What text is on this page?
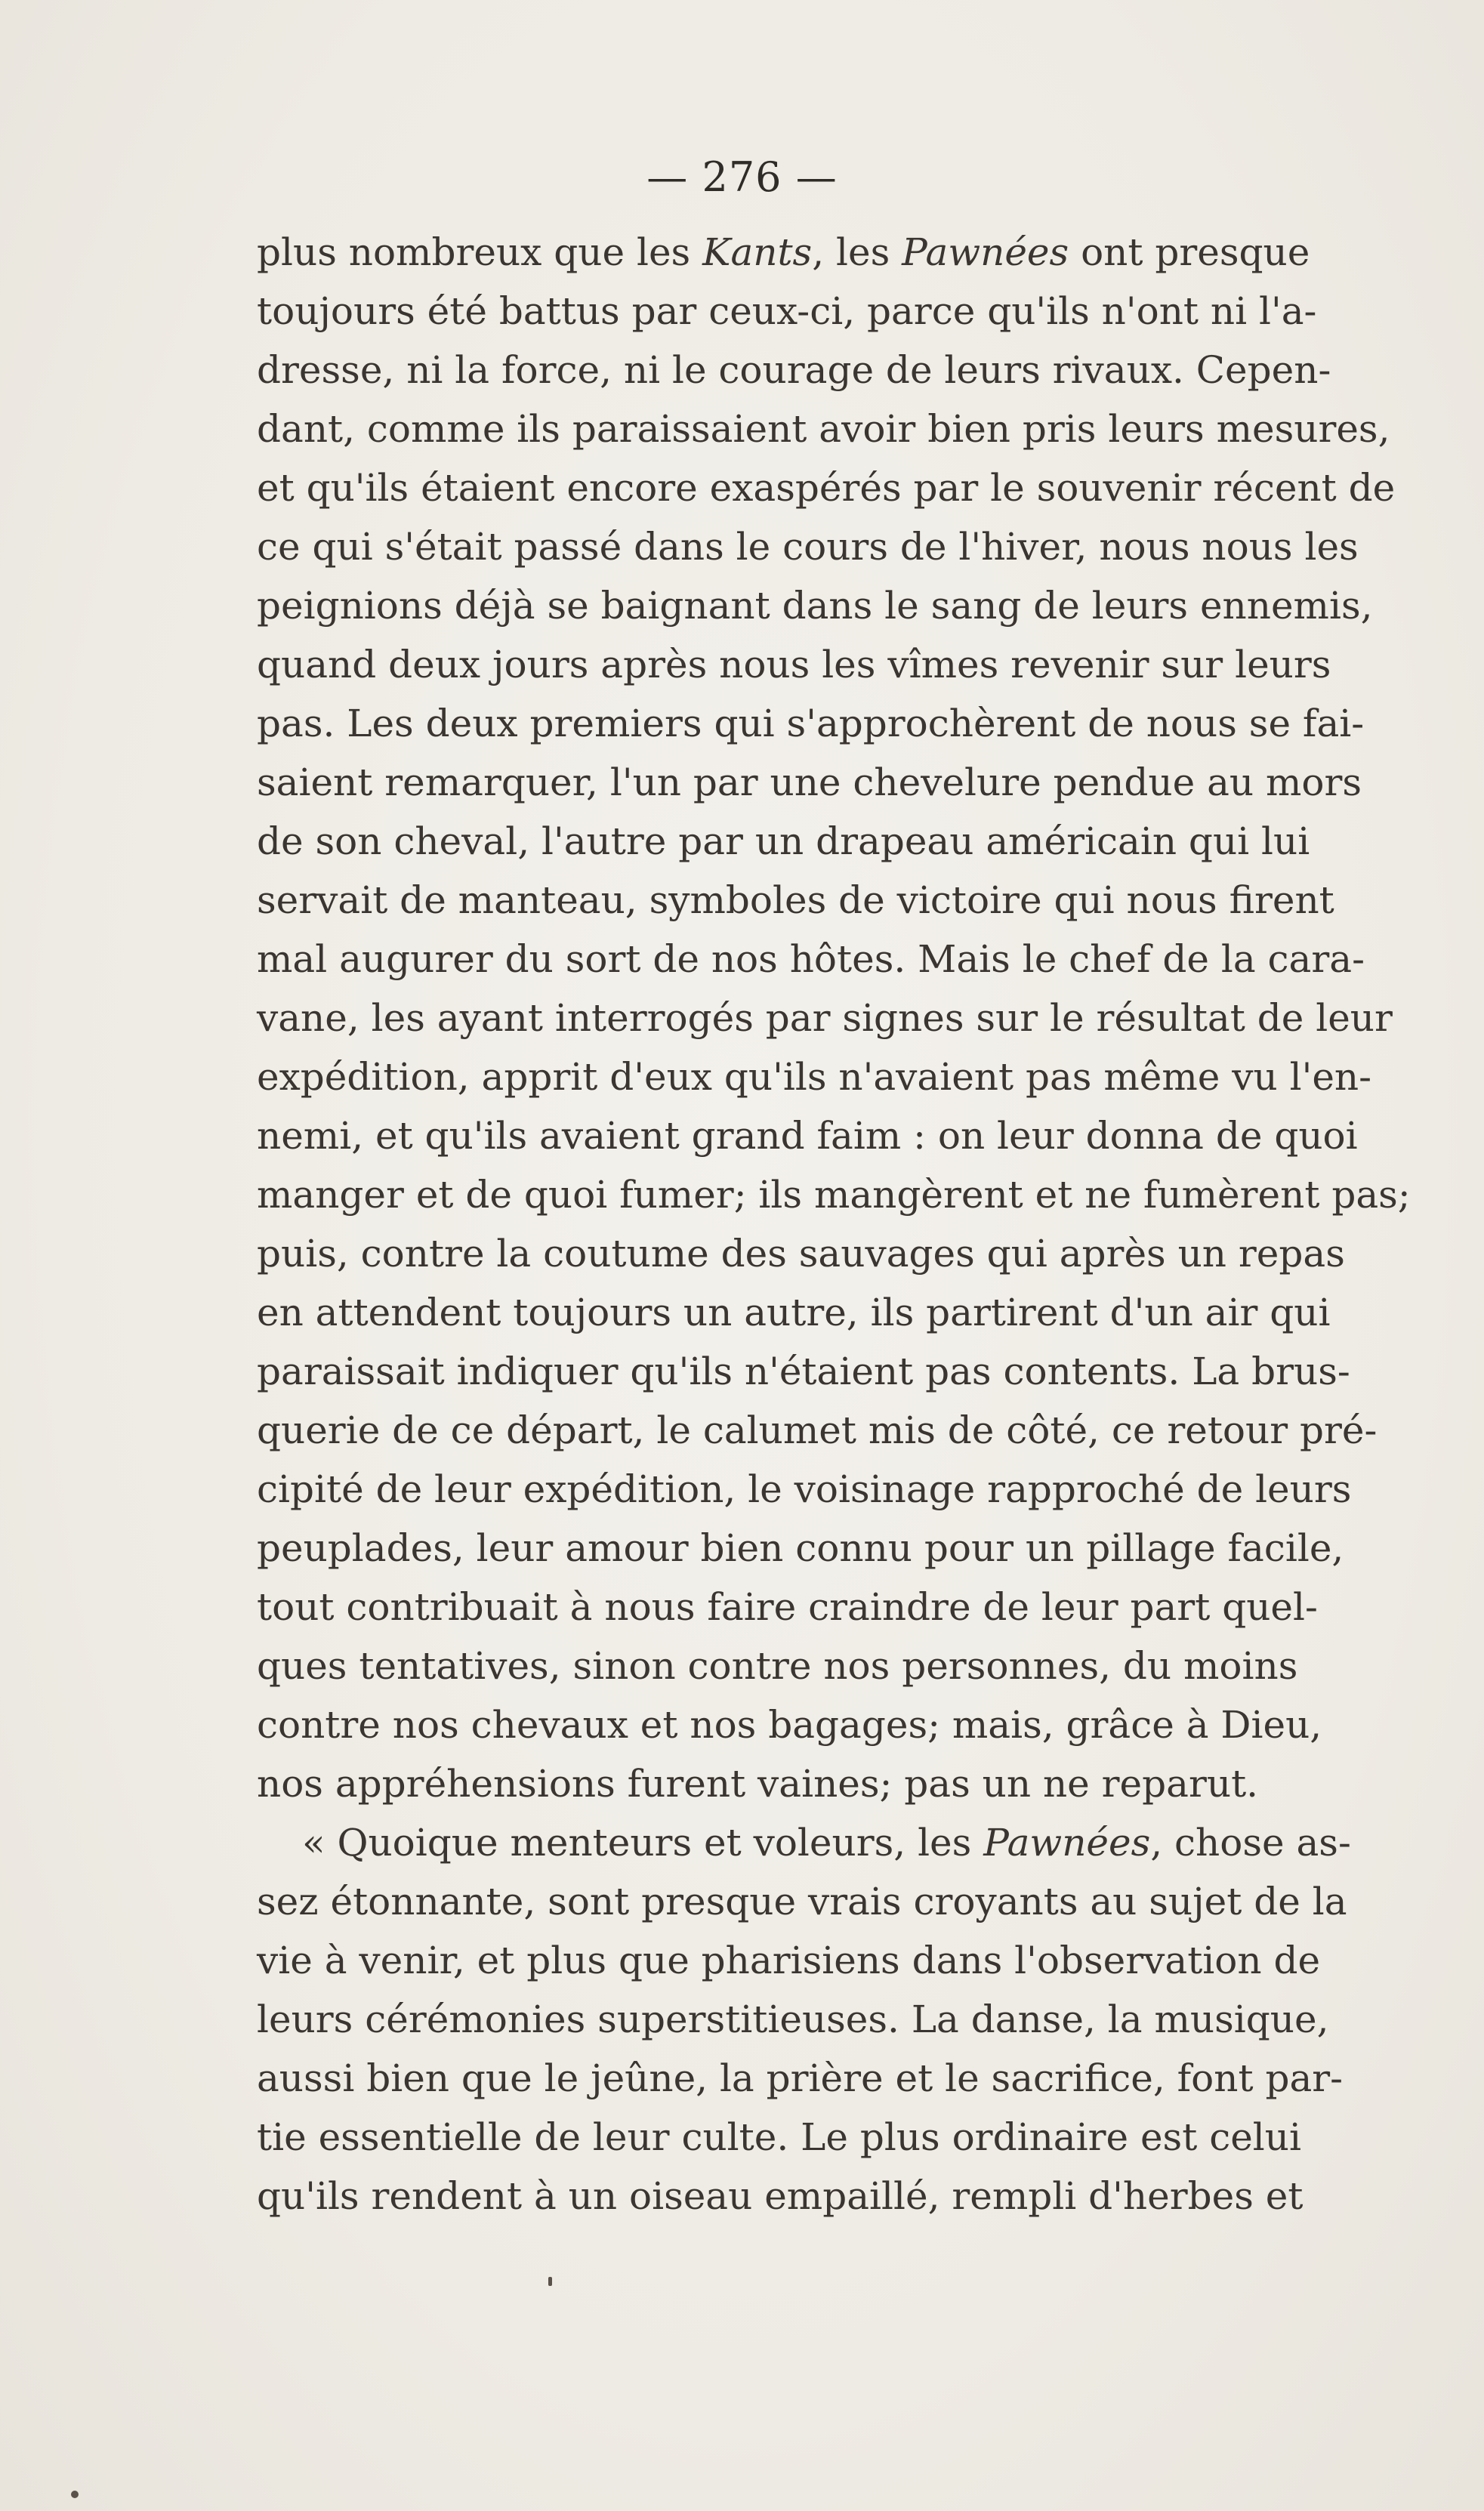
— 276 —
plus nombreux que les Kants, les Pawnées ont presque
toujours été battus par ceux-ci, parce qu'ils n'ont ni l'a-
dresse, ni la force, ni le courage de leurs rivaux. Cepen-
dant, comme ils paraissaient avoir bien pris leurs mesures,
et qu'ils étaient encore exaspérés par le souvenir récent de
ce qui s'était passé dans le cours de l'hiver, nous nous les
peignions déjà se baignant dans le sang de leurs ennemis,
quand deux jours après nous les vîmes revenir sur leurs
pas. Les deux premiers qui s'approchèrent de nous se fai-
saient remarquer, l'un par une chevelure pendue au mors
de son cheval, l'autre par un drapeau américain qui lui
servait de manteau, symboles de victoire qui nous firent
mal augurer du sort de nos hôtes. Mais le chef de la cara-
vane, les ayant interrogés par signes sur le résultat de leur
expédition, apprit d'eux qu'ils n'avaient pas même vu l'en-
nemi, et qu'ils avaient grand faim : on leur donna de quoi
manger et de quoi fumer; ils mangèrent et ne fumèrent pas;
puis, contre la coutume des sauvages qui après un repas
en attendent toujours un autre, ils partirent d'un air qui
paraissait indiquer qu'ils n'étaient pas contents. La brus-
querie de ce départ, le calumet mis de côté, ce retour pré-
cipité de leur expédition, le voisinage rapproché de leurs
peuplades, leur amour bien connu pour un pillage facile,
tout contribuait à nous faire craindre de leur part quel-
ques tentatives, sinon contre nos personnes, du moins
contre nos chevaux et nos bagages; mais, grâce à Dieu,
nos appréhensions furent vaines; pas un ne reparut.
« Quoique menteurs et voleurs, les Pawnées, chose as-
sez étonnante, sont presque vrais croyants au sujet de la
vie à venir, et plus que pharisiens dans l'observation de
leurs cérémonies superstitieuses. La danse, la musique,
aussi bien que le jeûne, la prière et le sacrifice, font par-
tie essentielle de leur culte. Le plus ordinaire est celui
qu'ils rendent à un oiseau empaillé, rempli d'herbes et
